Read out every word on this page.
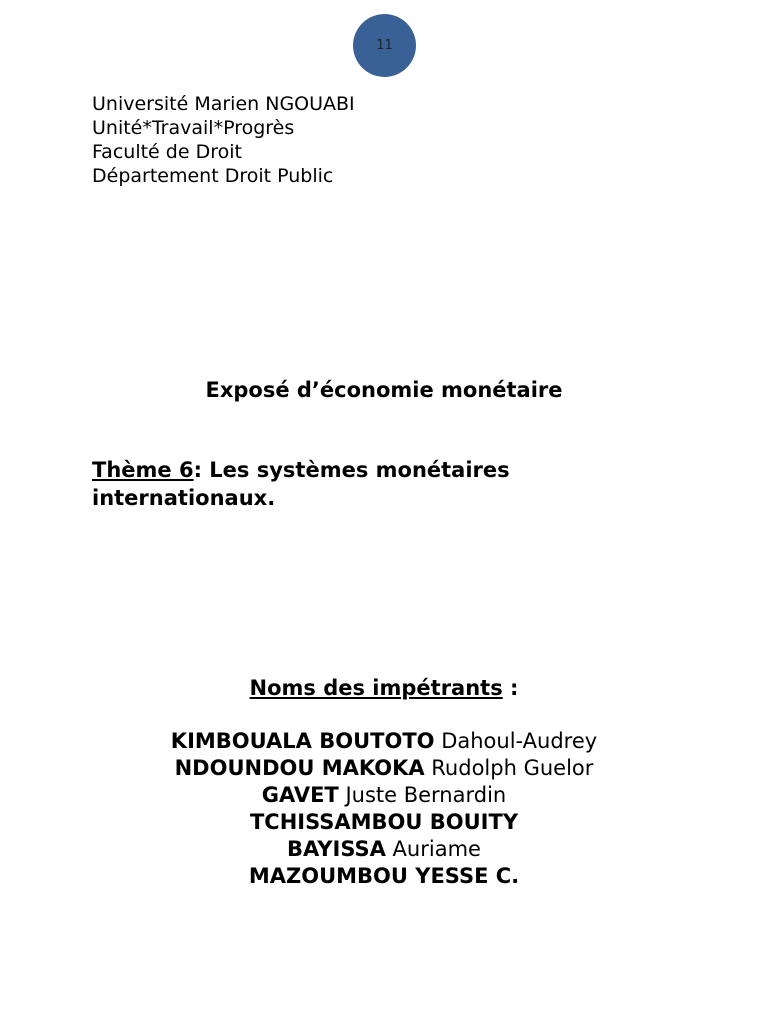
11
Université Marien NGOUABI
Unité*Travail*Progrès
Faculté de Droit
Département Droit Public
Exposé d’économie monétaire
Thème 6: Les systèmes monétaires internationaux.
Noms des impétrants :
KIMBOUALA BOUTOTO Dahoul-Audrey
NDOUNDOU MAKOKA Rudolph Guelor
GAVET Juste Bernardin
TCHISSAMBOU BOUITY
BAYISSA Auriame
MAZOUMBOU YESSE C.
